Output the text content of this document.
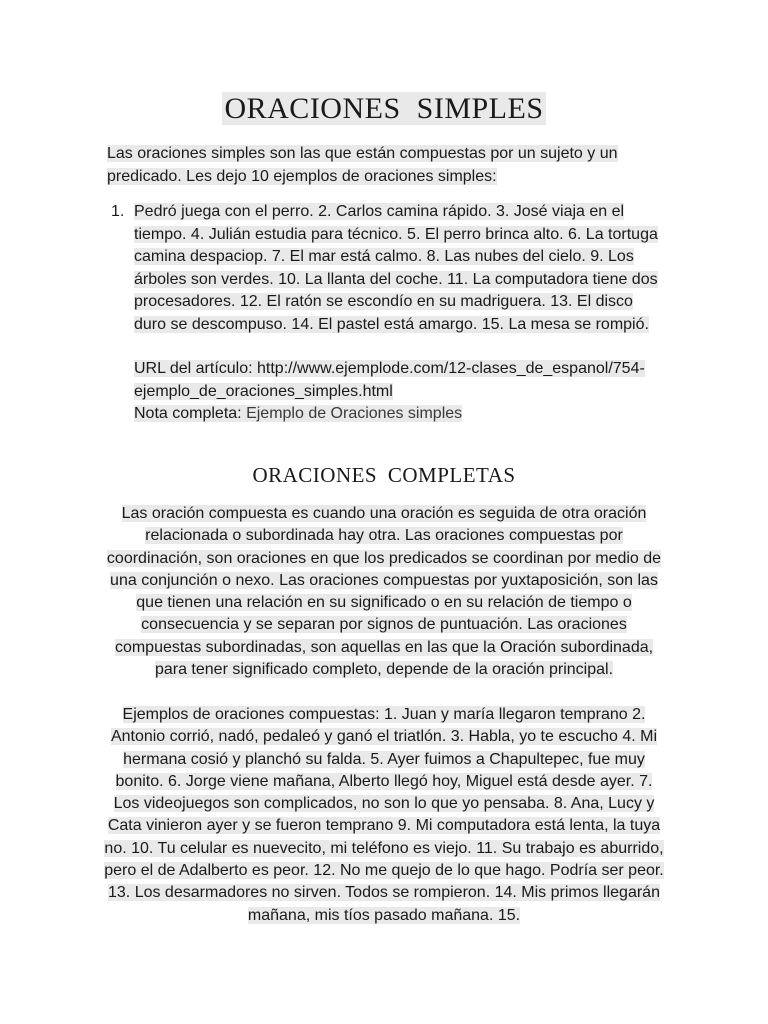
ORACIONES SIMPLES
Las oraciones simples son las que están compuestas por un sujeto y un predicado. Les dejo 10 ejemplos de oraciones simples:
1. Pedró juega con el perro. 2. Carlos camina rápido. 3. José viaja en el tiempo. 4. Julián estudia para técnico. 5. El perro brinca alto. 6. La tortuga camina despaciop. 7. El mar está calmo. 8. Las nubes del cielo. 9. Los árboles son verdes. 10. La llanta del coche. 11. La computadora tiene dos procesadores. 12. El ratón se escondío en su madriguera. 13. El disco duro se descompuso. 14. El pastel está amargo. 15. La mesa se rompió.

URL del artículo: http://www.ejemplode.com/12-clases_de_espanol/754-ejemplo_de_oraciones_simples.html

Nota completa: Ejemplo de Oraciones simples

ORACIONES COMPLETAS

Las oración compuesta es cuando una oración es seguida de otra oración relacionada o subordinada hay otra. Las oraciones compuestas por coordinación, son oraciones en que los predicados se coordinan por medio de una conjunción o nexo. Las oraciones compuestas por yuxtaposición, son las que tienen una relación en su significado o en su relación de tiempo o consecuencia y se separan por signos de puntuación. Las oraciones compuestas subordinadas, son aquellas en las que la Oración subordinada, para tener significado completo, depende de la oración principal.

Ejemplos de oraciones compuestas: 1. Juan y maría llegaron temprano 2. Antonio corrió, nadó, pedaleó y ganó el triatlón. 3. Habla, yo te escucho 4. Mi hermana cosió y planchó su falda. 5. Ayer fuimos a Chapultepec, fue muy bonito. 6. Jorge viene mañana, Alberto llegó hoy, Miguel está desde ayer. 7. Los videojuegos son complicados, no son lo que yo pensaba. 8. Ana, Lucy y Cata vinieron ayer y se fueron temprano 9. Mi computadora está lenta, la tuya no. 10. Tu celular es nuevecito, mi teléfono es viejo. 11. Su trabajo es aburrido, pero el de Adalberto es peor. 12. No me quejo de lo que hago. Podría ser peor. 13. Los desarmadores no sirven. Todos se rompieron. 14. Mis primos llegarán mañana, mis tíos pasado mañana. 15.
